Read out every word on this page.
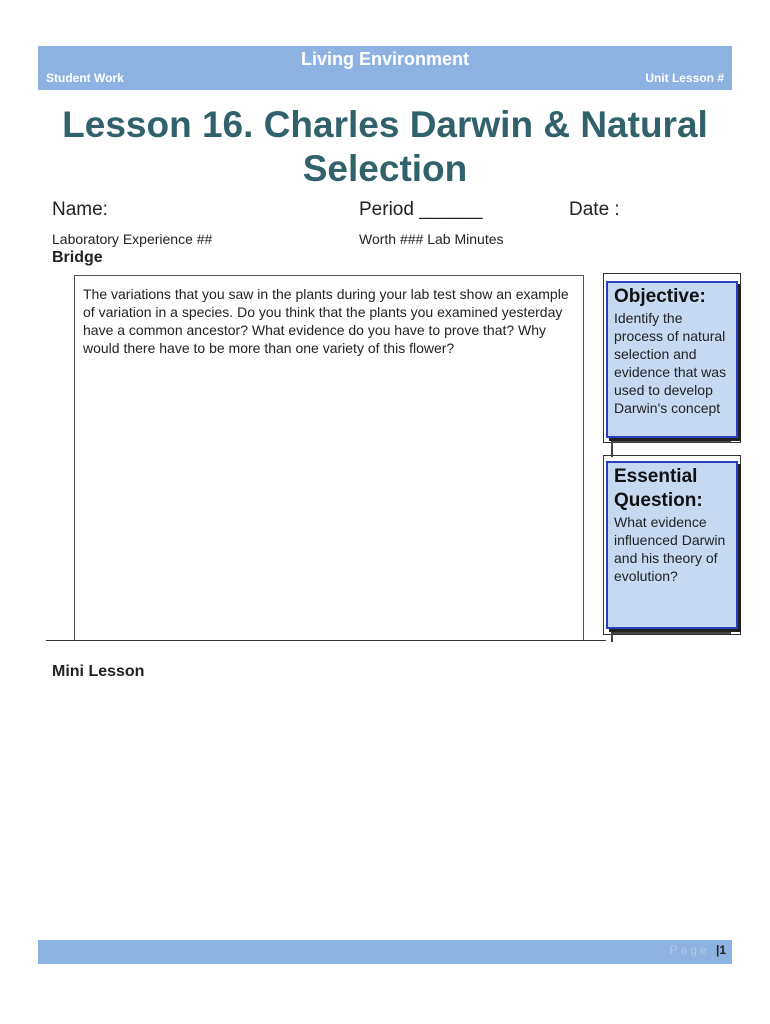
Living Environment
Student Work	Unit Lesson #
Lesson 16. Charles Darwin & Natural Selection
Name:	Period ______	Date :
Laboratory Experience ##	Worth ### Lab Minutes
Bridge
The variations that you saw in the plants during your lab test show an example of variation in a species. Do you think that the plants you examined yesterday have a common ancestor? What evidence do you have to prove that? Why would there have to be more than one variety of this flower?
Objective:

Identify the process of natural selection and evidence that was used to develop Darwin's concept

Essential Question:

What evidence influenced Darwin and his theory of evolution?

Mini Lesson
Page |1
